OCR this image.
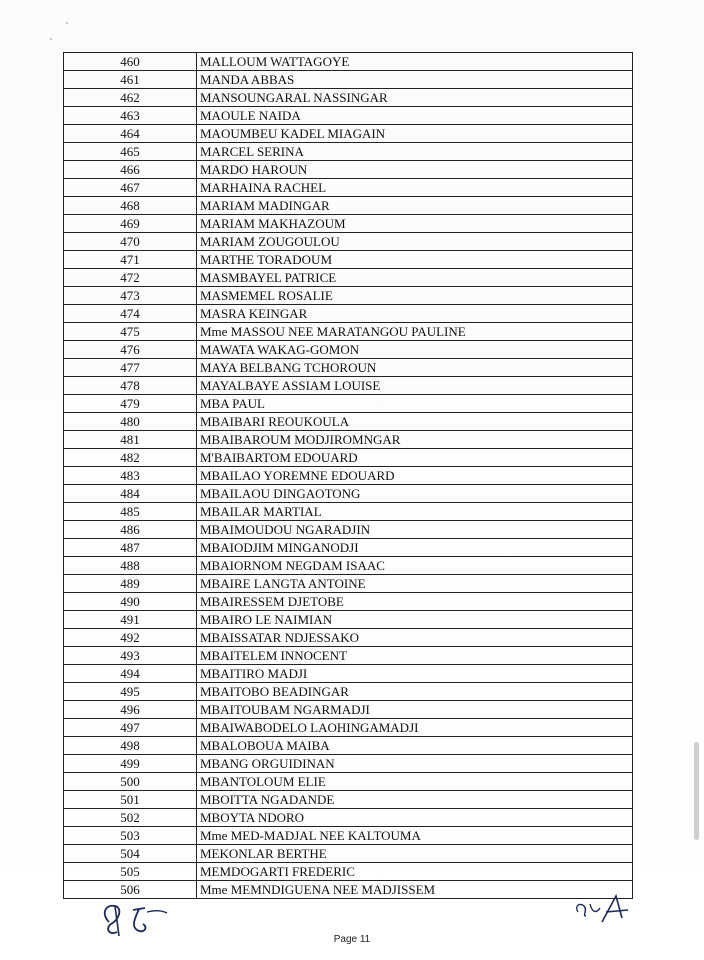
460	MALLOUM WATTAGOYE
461	MANDA ABBAS
462	MANSOUNGARAL NASSINGAR
463	MAOULE NAIDA
464	MAOUMBEU KADEL MIAGAIN
465	MARCEL SERINA
466	MARDO HAROUN
467	MARHAINA RACHEL
468	MARIAM MADINGAR
469	MARIAM MAKHAZOUM
470	MARIAM ZOUGOULOU
471	MARTHE TORADOUM
472	MASMBAYEL PATRICE
473	MASMEMEL ROSALIE
474	MASRA KEINGAR
475	Mme MASSOU NEE MARATANGOU PAULINE
476	MAWATA WAKAG-GOMON
477	MAYA BELBANG TCHOROUN
478	MAYALBAYE ASSIAM LOUISE
479	MBA PAUL
480	MBAIBARI REOUKOULA
481	MBAIBAROUM MODJIROMNGAR
482	M'BAIBARTOM EDOUARD
483	MBAILAO YOREMNE EDOUARD
484	MBAILAOU DINGAOTONG
485	MBAILAR MARTIAL
486	MBAIMOUDOU NGARADJIN
487	MBAIODJIM MINGANODJI
488	MBAIORNOM NEGDAM ISAAC
489	MBAIRE LANGTA ANTOINE
490	MBAIRESSEM DJETOBE
491	MBAIRO LE NAIMIAN
492	MBAISSATAR NDJESSAKO
493	MBAITELEM INNOCENT
494	MBAITIRO MADJI
495	MBAITOBO BEADINGAR
496	MBAITOUBAM NGARMADJI
497	MBAIWABODELO LAOHINGAMADJI
498	MBALOBOUA MAIBA
499	MBANG ORGUIDINAN
500	MBANTOLOUM ELIE
501	MBOITTA NGADANDE
502	MBOYTA NDORO
503	Mme MED-MADJAL NEE KALTOUMA
504	MEKONLAR BERTHE
505	MEMDOGARTI FREDERIC
506	Mme MEMNDIGUENA NEE MADJISSEM
Page 11
